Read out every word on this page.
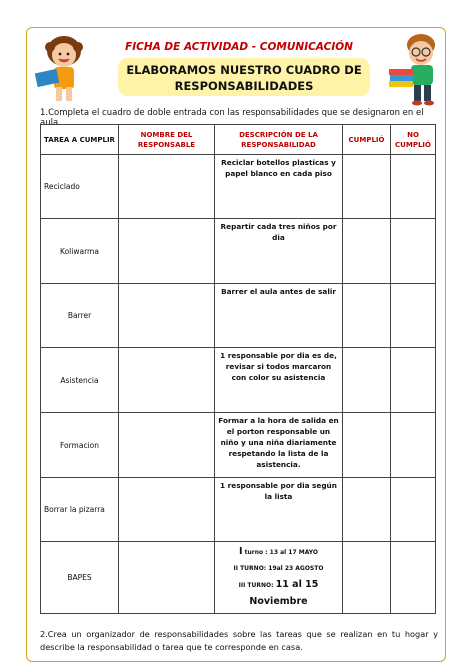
FICHA DE ACTIVIDAD - COMUNICACIÓN
ELABORAMOS NUESTRO CUADRO DE
RESPONSABILIDADES
1.Completa el cuadro de doble entrada con las responsabilidades que se designaron en el aula.
TAREA A CUMPLIR	NOMBRE DEL RESPONSABLE	DESCRIPCIÓN DE LA RESPONSABILIDAD	CUMPLIÓ	NO CUMPLIÓ
Reciclado		Reciclar botellos plasticas y papel blanco en cada piso		
Koliwarma		Repartir cada tres niños por dia		
Barrer		Barrer el aula antes de salir		
Asistencia		1 responsable por dia es de, revisar si todos marcaron con color su asistencia		
Formacion		Formar a la hora de salida en el porton responsable un niño y una niña diariamente respetando la lista de la asistencia.		
Borrar la pizarra		1 responsable por dia según la lista		
BAPES		I turno : 13 al 17 MAYO
II TURNO: 19al 23 AGOSTO
III TURNO: 11 al 15 Noviembre		

2.Crea un organizador de responsabilidades sobre las tareas que se realizan en tu hogar y describe la responsabilidad o tarea que te corresponde en casa.
